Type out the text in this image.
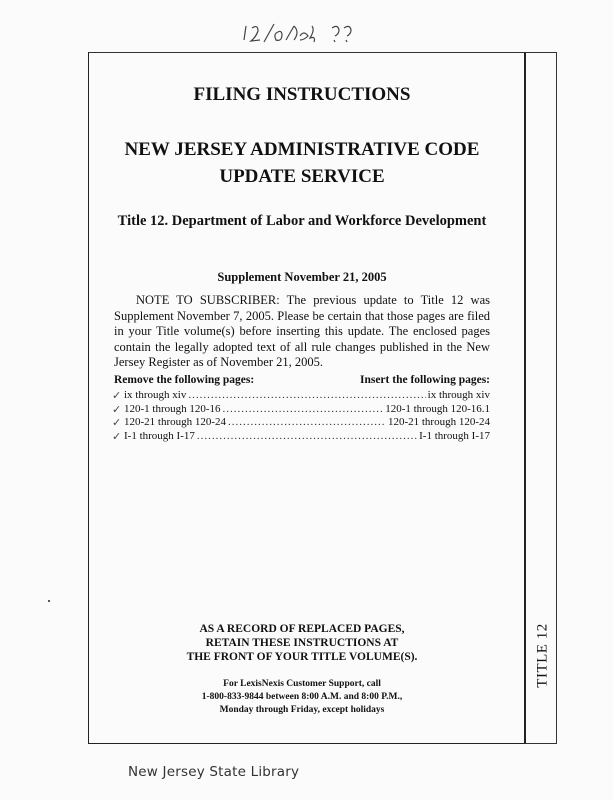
TITLE 12
FILING INSTRUCTIONS
NEW JERSEY ADMINISTRATIVE CODE
UPDATE SERVICE
Title 12. Department of Labor and Workforce Development
Supplement November 21, 2005
NOTE TO SUBSCRIBER: The previous update to Title 12 was Supplement November 7, 2005. Please be certain that those pages are filed in your Title volume(s) before inserting this update. The enclosed pages contain the legally adopted text of all rule changes published in the New Jersey Register as of November 21, 2005.
Remove the following pages:	Insert the following pages:
✓ ix through xiv .....	ix through xiv
✓ 120-1 through 120-16 .....	120-1 through 120-16.1
✓ 120-21 through 120-24 .....	120-21 through 120-24
✓ I-1 through I-17 .....	I-1 through I-17
AS A RECORD OF REPLACED PAGES,
RETAIN THESE INSTRUCTIONS AT
THE FRONT OF YOUR TITLE VOLUME(S).
For LexisNexis Customer Support, call
1-800-833-9844 between 8:00 A.M. and 8:00 P.M.,
Monday through Friday, except holidays
New Jersey State Library
